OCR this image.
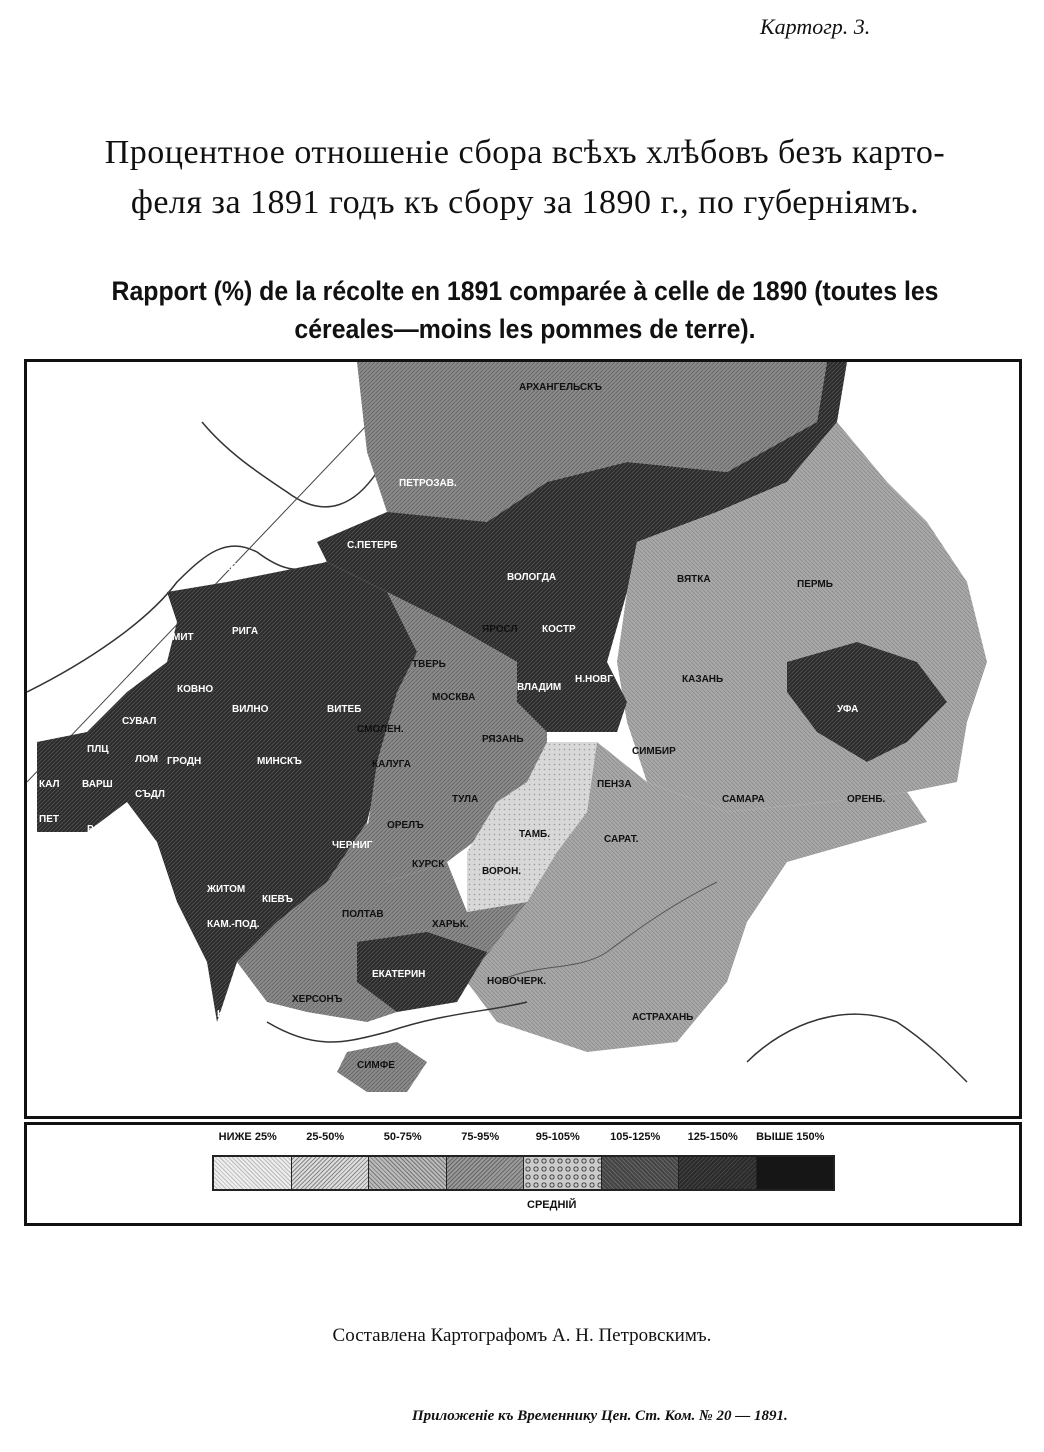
Картогр. 3.
Процентное отношеніе сбора всѣхъ хлѣбовъ безъ карто-
феля за 1891 годъ къ сбору за 1890 г., по губерніямъ.
Rapport (%) de la récolte en 1891 comparée à celle de 1890 (toutes les
céreales—moins les pommes de terre).
АРХАНГЕЛЬСКЪ
ПЕТРОЗАВ.
С.ПЕТЕРБ
РЕВЕЛ
ВОЛОГДА	ВЯТКА	ПЕРМЬ
МИТ
РИГА
КОВНО
ВИЛНО	ВИТЕБ
ЯРОСЛ КОСТР
ТВЕРЬ
ВЛАДИМ
Н.НОВГ	КАЗАНЬ
УФА
СУВАЛ
МОСКВА
СМОЛЕН.
РЯЗАНЬ
СИМБИР
ПЛЦ
ЛОМ ГРОДН	МИНСКЪ	КАЛУГА
ПЕНЗА
КАЛ ВАРШ
СЪДЛ	ТУЛА	САМАРА	ОРЕНБ.
ОРЕЛЪ
ПЕТ
РАД	ТАМБ.
ЧЕРНИГ
САРАТ.
КУРСК
ВОРОН.
ЖИТОМ
КІЕВЪ
ПОЛТАВ
ХАРЬК.
КАМ.-ПОД.
ЕКАТЕРИН
НОВОЧЕРК.
ХЕРСОНЪ
КИШИН	АСТРАХАНЬ
СИМФЕ
НИЖЕ 25%	25-50%	50-75%	75-95%	95-105%	105-125%	125-150%	ВЫШЕ 150%
СРЕДНІЙ
Составлена Картографомъ А. Н. Петровскимъ.
Приложеніе къ Временнику Цен. Ст. Ком. № 20 — 1891.
